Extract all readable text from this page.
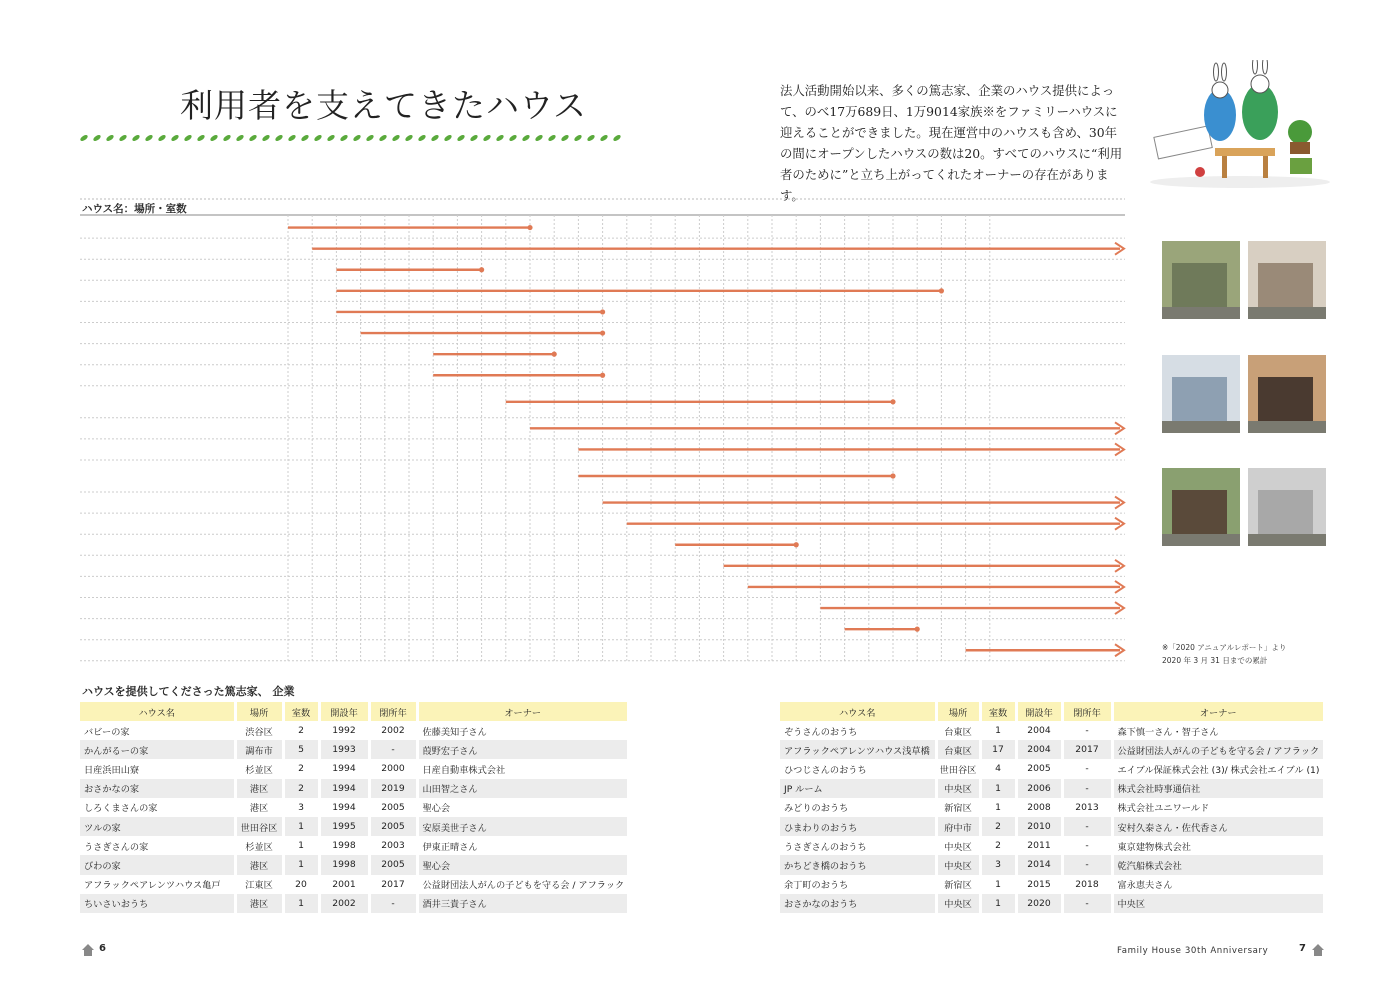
利用者を支えてきたハウス	法人活動開始以来、多くの篤志家、企業のハウス提供によって、のべ17万689日、1万9014家族※をファミリーハウスに迎えることができました。現在運営中のハウスも含め、30年の間にオープンしたハウスの数は20。すべてのハウスに“利用者のために”と立ち上がってくれたオーナーの存在があります。
ハウス名：場所・室数
※「2020 アニュアルレポート」より
2020 年 3 月 31 日までの累計
ハウスを提供してくださった篤志家、 企業
ハウス名	場所	室数	開設年	閉所年	オーナー
バビーの家	渋谷区	2	1992	2002	佐藤美知子さん
かんがるーの家	調布市	5	1993	-	葭野宏子さん
日産浜田山寮	杉並区	2	1994	2000	日産自動車株式会社
おさかなの家	港区	2	1994	2019	山田智之さん
しろくまさんの家	港区	3	1994	2005	聖心会
ツルの家	世田谷区	1	1995	2005	安原美世子さん
うさぎさんの家	杉並区	1	1998	2003	伊東正晴さん
びわの家	港区	1	1998	2005	聖心会
アフラックペアレンツハウス亀戸	江東区	20	2001	2017	公益財団法人がんの子どもを守る会 / アフラック
ちいさいおうち	港区	1	2002	-	酒井三貴子さん
ハウス名	場所	室数	開設年	閉所年	オーナー
ぞうさんのおうち	台東区	1	2004	-	森下慎一さん・智子さん
アフラックペアレンツハウス浅草橋	台東区	17	2004	2017	公益財団法人がんの子どもを守る会 / アフラック
ひつじさんのおうち	世田谷区	4	2005	-	エイブル保証株式会社 (3)/ 株式会社エイブル (1)
JP ルーム	中央区	1	2006	-	株式会社時事通信社
みどりのおうち	新宿区	1	2008	2013	株式会社ユニワールド
ひまわりのおうち	府中市	2	2010	-	安村久泰さん・佐代香さん
うさぎさんのおうち	中央区	2	2011	-	東京建物株式会社
かちどき橋のおうち	中央区	3	2014	-	乾汽船株式会社
余丁町のおうち	新宿区	1	2015	2018	富永恵夫さん
おさかなのおうち	中央区	1	2020	-	中央区
6	Family House 30th Anniversary	7
